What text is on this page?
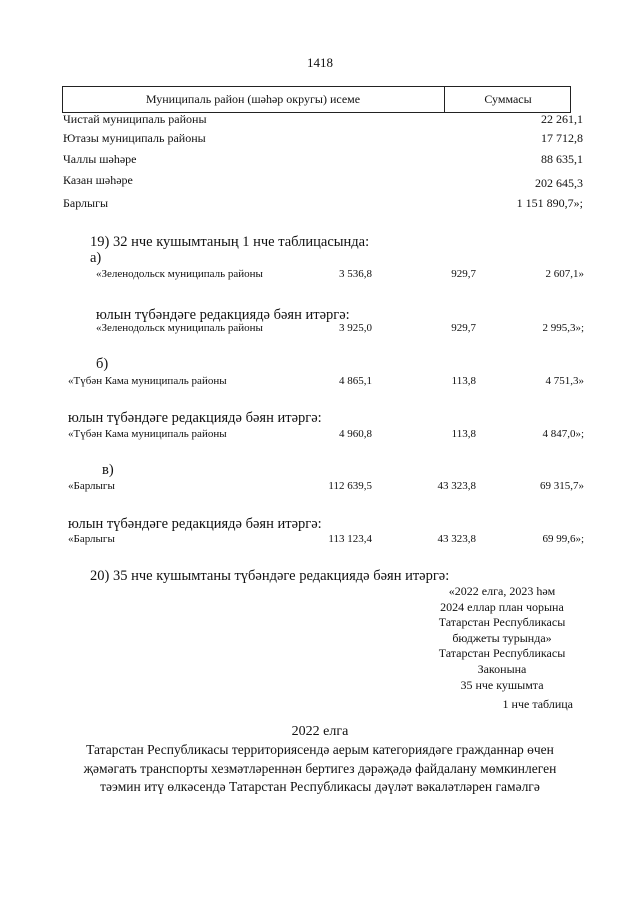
1418
Муниципаль район (шәһәр округы) исеме	Суммасы
Чистай муниципаль районы	22 261,1
Ютазы муниципаль районы	17 712,8
Чаллы шәһәре	88 635,1
Казан шәһәре	202 645,3
Барлыгы	1 151 890,7»;
19) 32 нче кушымтаның 1 нче таблицасында:
а)
«Зеленодольск муниципаль районы	3 536,8	929,7	2 607,1»
юлын түбәндәге редакциядә бәян итәргә:
«Зеленодольск муниципаль районы	3 925,0	929,7	2 995,3»;
б)
«Түбән Кама муниципаль районы	4 865,1	113,8	4 751,3»
юлын түбәндәге редакциядә бәян итәргә:
«Түбән Кама муниципаль районы	4 960,8	113,8	4 847,0»;
в)
«Барлыгы	112 639,5	43 323,8	69 315,7»
юлын түбәндәге редакциядә бәян итәргә:
«Барлыгы	113 123,4	43 323,8	69 99,6»;
20) 35 нче кушымтаны түбәндәге редакциядә бәян итәргә:
«2022 елга, 2023 һәм
2024 еллар план чорына
Татарстан Республикасы
бюджеты турында»
Татарстан Республикасы
Законына
35 нче кушымта
1 нче таблица
2022 елга
Татарстан Республикасы территориясендә аерым категориядәге гражданнар өчен
җәмәгать транспорты хезмәтләреннән бертигез дәрәҗәдә файдалану мөмкинлеген
тәэмин итү өлкәсендә Татарстан Республикасы дәүләт вәкаләтләрен гамәлгә
